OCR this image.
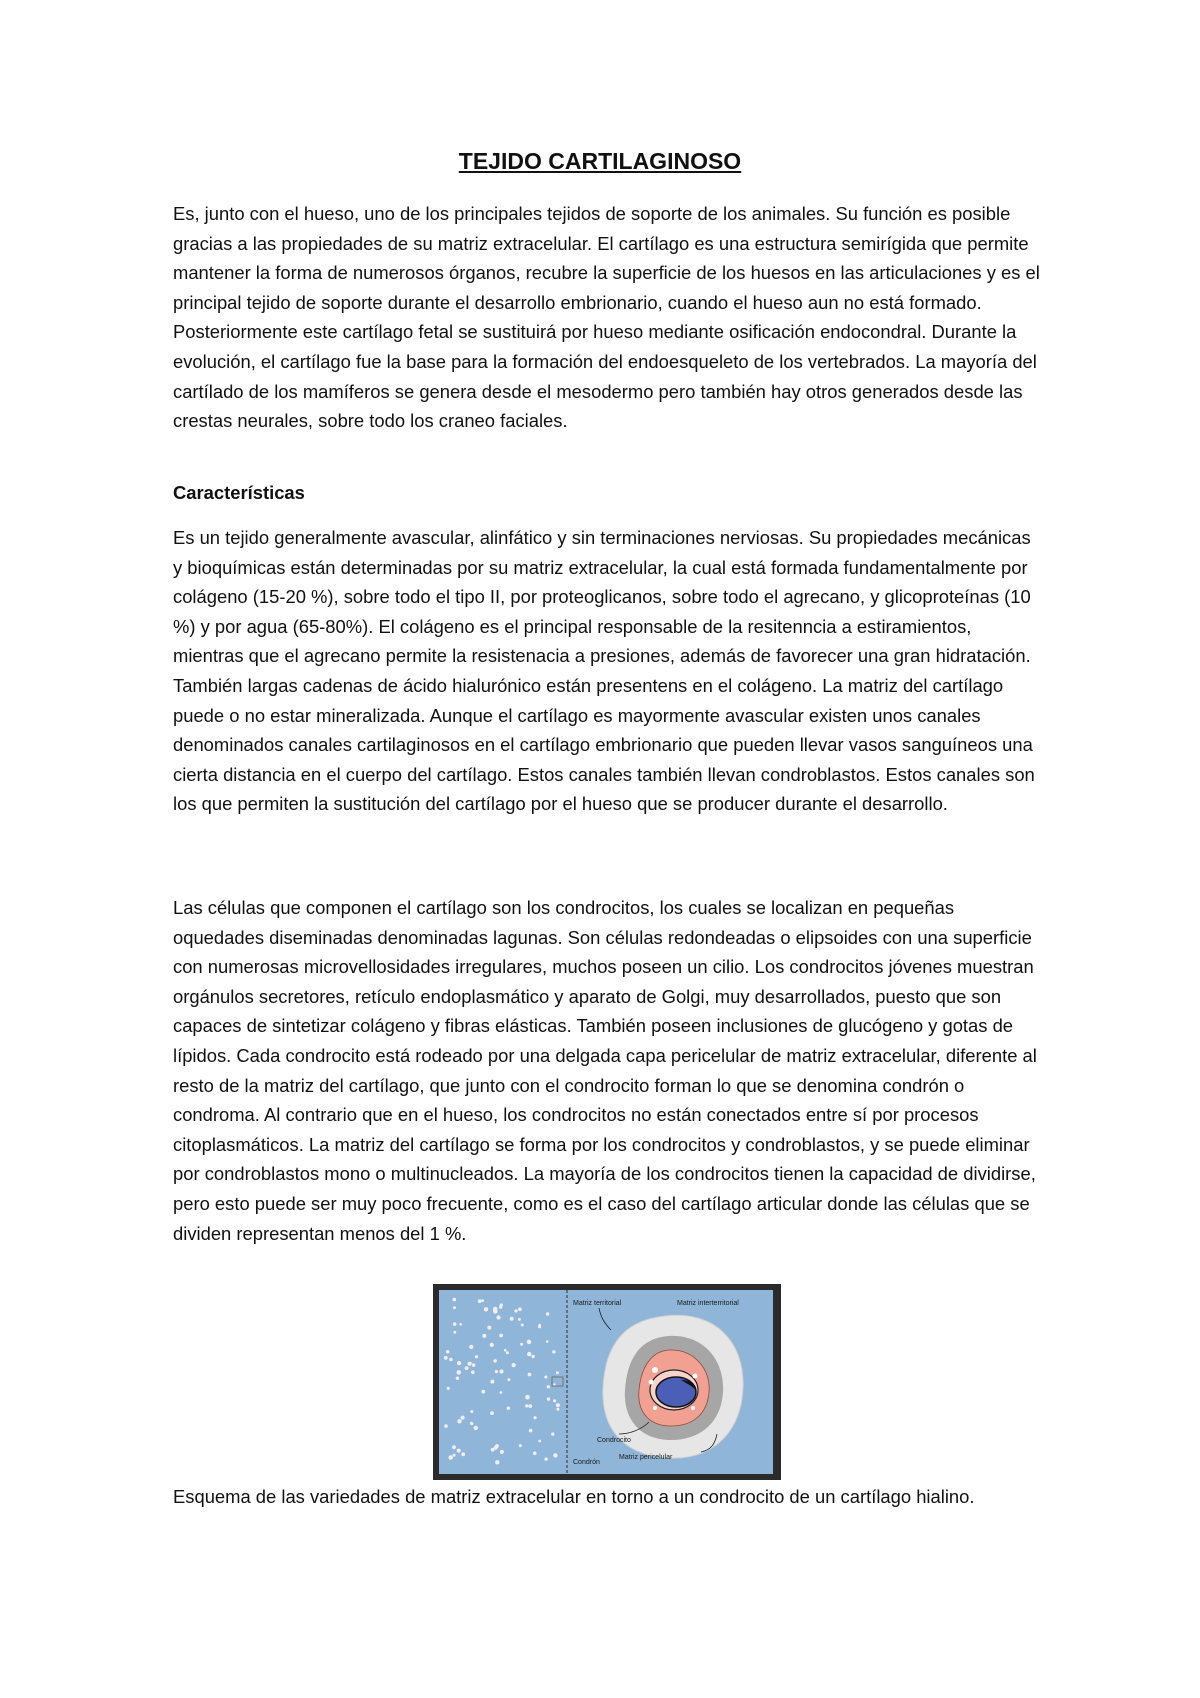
TEJIDO CARTILAGINOSO

Es, junto con el hueso, uno de los principales tejidos de soporte de los animales. Su función es posible gracias a las propiedades de su matriz extracelular. El cartílago es una estructura semirígida que permite mantener la forma de numerosos órganos, recubre la superficie de los huesos en las articulaciones y es el principal tejido de soporte durante el desarrollo embrionario, cuando el hueso aun no está formado. Posteriormente este cartílago fetal se sustituirá por hueso mediante osificación endocondral. Durante la evolución, el cartílago fue la base para la formación del endoesqueleto de los vertebrados. La mayoría del cartílado de los mamíferos se genera desde el mesodermo pero también hay otros generados desde las crestas neurales, sobre todo los craneo faciales.

Características

Es un tejido generalmente avascular, alinfático y sin terminaciones nerviosas. Su propiedades mecánicas y bioquímicas están determinadas por su matriz extracelular, la cual está formada fundamentalmente por colágeno (15-20 %), sobre todo el tipo II, por proteoglicanos, sobre todo el agrecano, y glicoproteínas (10 %) y por agua (65-80%). El colágeno es el principal responsable de la resitenncia a estiramientos, mientras que el agrecano permite la resistenacia a presiones, además de favorecer una gran hidratación. También largas cadenas de ácido hialurónico están presentens en el colágeno. La matriz del cartílago puede o no estar mineralizada. Aunque el cartílago es mayormente avascular existen unos canales denominados canales cartilaginosos en el cartílago embrionario que pueden llevar vasos sanguíneos una cierta distancia en el cuerpo del cartílago. Estos canales también llevan condroblastos. Estos canales son los que permiten la sustitución del cartílago por el hueso que se producer durante el desarrollo.

Las células que componen el cartílago son los condrocitos, los cuales se localizan en pequeñas oquedades diseminadas denominadas lagunas. Son células redondeadas o elipsoides con una superficie con numerosas microvellosidades irregulares, muchos poseen un cilio. Los condrocitos jóvenes muestran orgánulos secretores, retículo endoplasmático y aparato de Golgi, muy desarrollados, puesto que son capaces de sintetizar colágeno y fibras elásticas. También poseen inclusiones de glucógeno y gotas de lípidos. Cada condrocito está rodeado por una delgada capa pericelular de matriz extracelular, diferente al resto de la matriz del cartílago, que junto con el condrocito forman lo que se denomina condrón o condroma. Al contrario que en el hueso, los condrocitos no están conectados entre sí por procesos citoplasmáticos. La matriz del cartílago se forma por los condrocitos y condroblastos, y se puede eliminar por condroblastos mono o multinucleados. La mayoría de los condrocitos tienen la capacidad de dividirse, pero esto puede ser muy poco frecuente, como es el caso del cartílago articular donde las células que se dividen representan menos del 1 %.

Matriz territorial	Matriz interterritorial
Condrocito
Condrón
Matriz pericelular

Esquema de las variedades de matriz extracelular en torno a un condrocito de un cartílago hialino.
